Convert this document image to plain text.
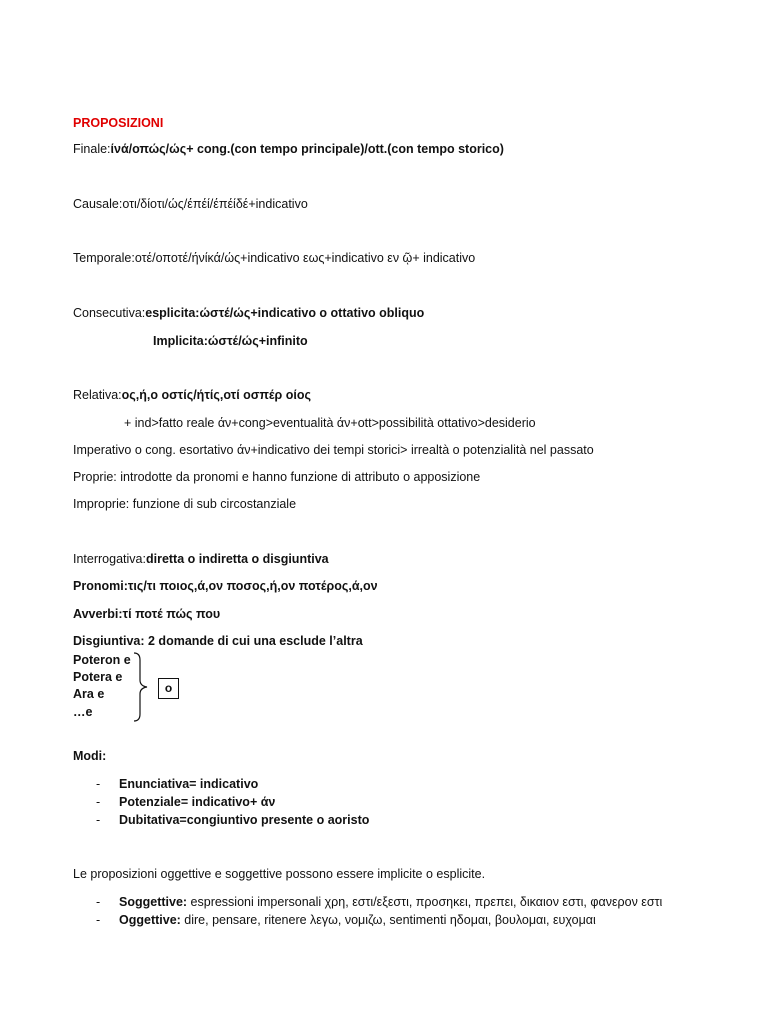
PROPOSIZIONI
Finale:ίνά/οπώς/ώς+ cong.(con tempo principale)/ott.(con tempo storico)
Causale:οτι/δίοτι/ώς/έπέί/έπέίδέ+indicativo
Temporale:οτέ/οποτέ/ήνίκά/ώς+indicativo εως+indicativo εν ῷ+ indicativo
Consecutiva:esplicita:ώστέ/ώς+indicativo o ottativo obliquo
Implicita:ώστέ/ώς+infinito
Relativa:ος,ή,ο οστίς/ήτίς,οτί οσπέρ οίος
+ ind>fatto reale άν+cong>eventualità άν+ott>possibilità ottativo>desiderio
Imperativo o cong. esortativo άν+indicativo dei tempi storici> irrealtà o potenzialità nel passato
Proprie: introdotte da pronomi e hanno funzione di attributo o apposizione
Improprie: funzione di sub circostanziale
Interrogativa:diretta o indiretta o disgiuntiva
Pronomi:τις/τι ποιος,ά,ον ποσος,ή,ον ποτέρος,ά,ον
Avverbi:τί ποτέ πώς που
Disgiuntiva: 2 domande di cui una esclude l’altra
Poteron e
Potera e
Ara e
…e
o
Modi:
- Enunciativa= indicativo
- Potenziale= indicativo+ άν
- Dubitativa=congiuntivo presente o aoristo
Le proposizioni oggettive e soggettive possono essere implicite o esplicite.
- Soggettive: espressioni impersonali χρη, εστι/εξεστι, προσηκει, πρεπει, δικαιον εστι, φανερον εστι
- Oggettive: dire, pensare, ritenere λεγω, νομιζω, sentimenti ηδομαι, βουλομαι, ευχομαι
